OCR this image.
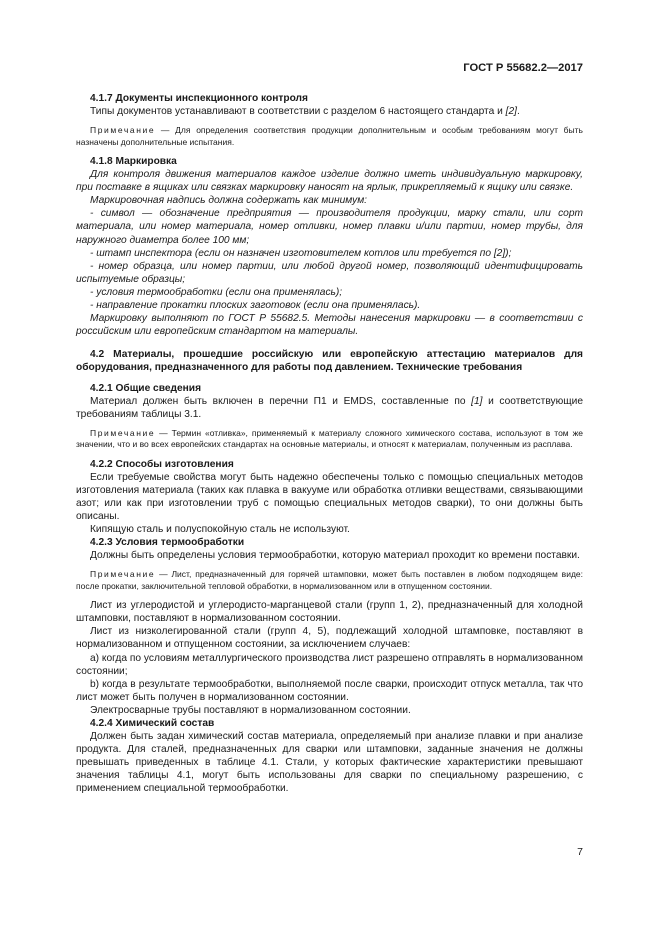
ГОСТ Р 55682.2—2017

4.1.7 Документы инспекционного контроля

Типы документов устанавливают в соответствии с разделом 6 настоящего стандарта и [2].

Примечание — Для определения соответствия продукции дополнительным и особым требованиям могут быть назначены дополнительные испытания.

4.1.8 Маркировка

Для контроля движения материалов каждое изделие должно иметь индивидуальную маркировку, при поставке в ящиках или связках маркировку наносят на ярлык, прикрепляемый к ящику или связке.

Маркировочная надпись должна содержать как минимум:

- символ — обозначение предприятия — производителя продукции, марку стали, или сорт материала, или номер материала, номер отливки, номер плавки и/или партии, номер трубы, для наружного диаметра более 100 мм;

- штамп инспектора (если он назначен изготовителем котлов или требуется по [2]);

- номер образца, или номер партии, или любой другой номер, позволяющий идентифицировать испытуемые образцы;

- условия термообработки (если она применялась);

- направление прокатки плоских заготовок (если она применялась).

Маркировку выполняют по ГОСТ Р 55682.5. Методы нанесения маркировки — в соответствии с российским или европейским стандартом на материалы.

4.2 Материалы, прошедшие российскую или европейскую аттестацию материалов для оборудования, предназначенного для работы под давлением. Технические требования

4.2.1 Общие сведения

Материал должен быть включен в перечни П1 и EMDS, составленные по [1] и соответствующие требованиям таблицы 3.1.

Примечание — Термин «отливка», применяемый к материалу сложного химического состава, используют в том же значении, что и во всех европейских стандартах на основные материалы, и относят к материалам, полученным из расплава.

4.2.2 Способы изготовления

Если требуемые свойства могут быть надежно обеспечены только с помощью специальных методов изготовления материала (таких как плавка в вакууме или обработка отливки веществами, связывающими азот; или как при изготовлении труб с помощью специальных методов сварки), то они должны быть описаны.

Кипящую сталь и полуспокойную сталь не используют.

4.2.3 Условия термообработки

Должны быть определены условия термообработки, которую материал проходит ко времени поставки.

Примечание — Лист, предназначенный для горячей штамповки, может быть поставлен в любом подходящем виде: после прокатки, заключительной тепловой обработки, в нормализованном или в отпущенном состоянии.

Лист из углеродистой и углеродисто-марганцевой стали (групп 1, 2), предназначенный для холодной штамповки, поставляют в нормализованном состоянии.

Лист из низколегированной стали (групп 4, 5), подлежащий холодной штамповке, поставляют в нормализованном и отпущенном состоянии, за исключением случаев:

a) когда по условиям металлургического производства лист разрешено отправлять в нормализованном состоянии;

b) когда в результате термообработки, выполняемой после сварки, происходит отпуск металла, так что лист может быть получен в нормализованном состоянии.

Электросварные трубы поставляют в нормализованном состоянии.

4.2.4 Химический состав

Должен быть задан химический состав материала, определяемый при анализе плавки и при анализе продукта. Для сталей, предназначенных для сварки или штамповки, заданные значения не должны превышать приведенных в таблице 4.1. Стали, у которых фактические характеристики превышают значения таблицы 4.1, могут быть использованы для сварки по специальному разрешению, с применением специальной термообработки.

7
